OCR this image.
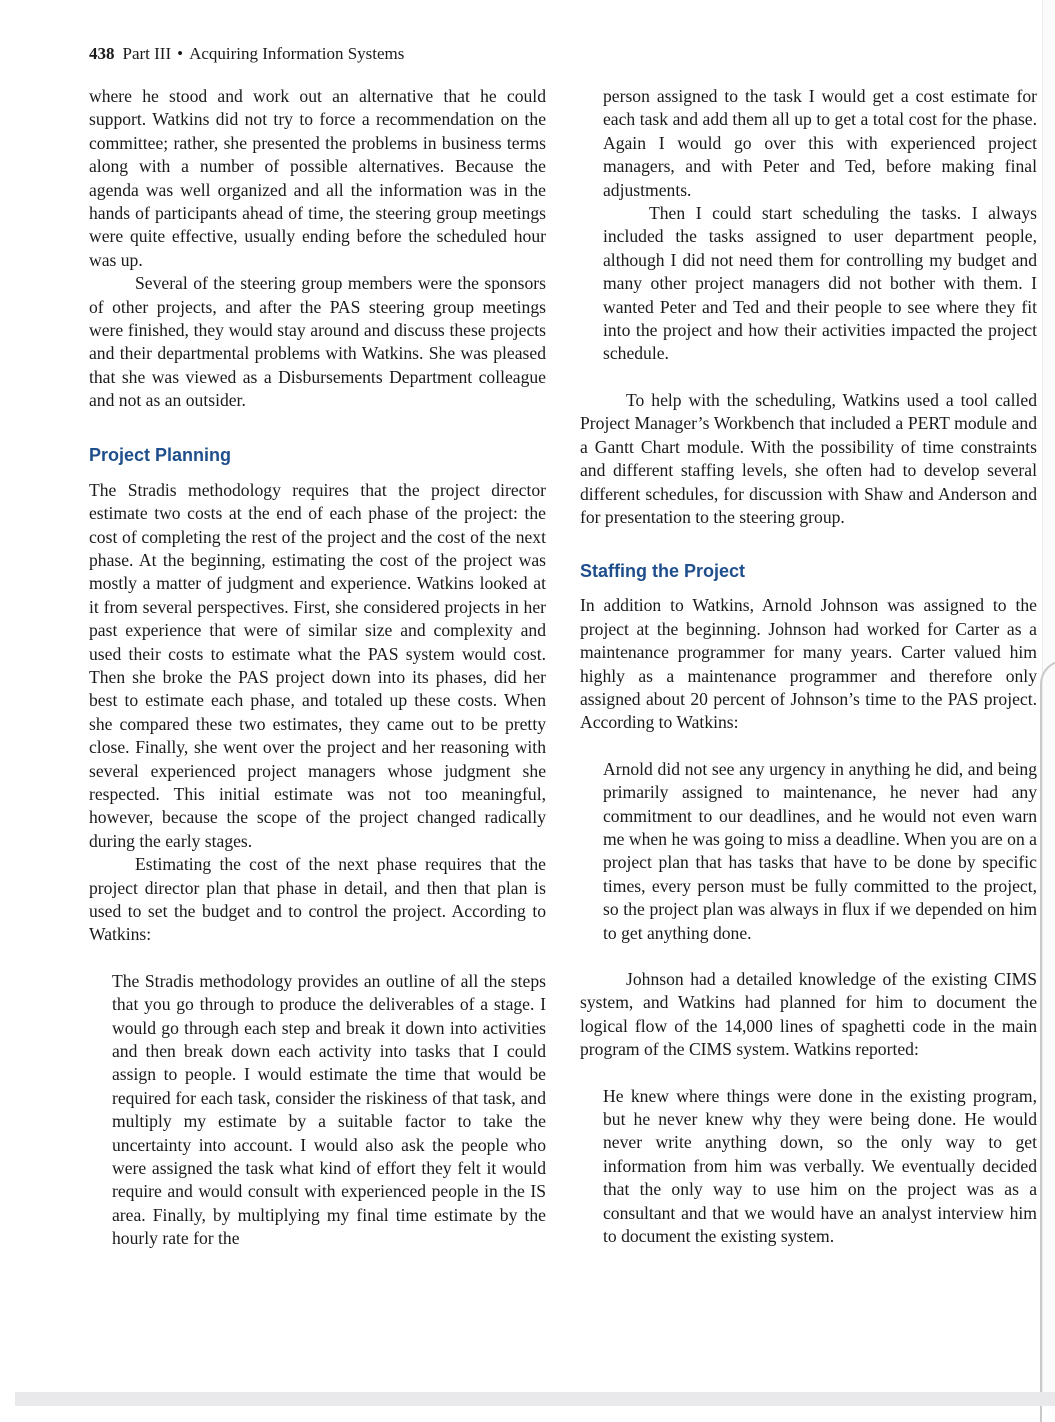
438 Part III • Acquiring Information Systems

where he stood and work out an alternative that he could support. Watkins did not try to force a recommendation on the committee; rather, she presented the problems in business terms along with a number of possible alternatives. Because the agenda was well organized and all the information was in the hands of participants ahead of time, the steering group meetings were quite effective, usually ending before the scheduled hour was up.

Several of the steering group members were the sponsors of other projects, and after the PAS steering group meetings were finished, they would stay around and discuss these projects and their departmental problems with Watkins. She was pleased that she was viewed as a Disbursements Department colleague and not as an outsider.

Project Planning

The Stradis methodology requires that the project director estimate two costs at the end of each phase of the project: the cost of completing the rest of the project and the cost of the next phase. At the beginning, estimating the cost of the project was mostly a matter of judgment and experience. Watkins looked at it from several perspectives. First, she considered projects in her past experience that were of similar size and complexity and used their costs to estimate what the PAS system would cost. Then she broke the PAS project down into its phases, did her best to estimate each phase, and totaled up these costs. When she compared these two estimates, they came out to be pretty close. Finally, she went over the project and her reasoning with several experienced project managers whose judgment she respected. This initial estimate was not too meaningful, however, because the scope of the project changed radically during the early stages.

Estimating the cost of the next phase requires that the project director plan that phase in detail, and then that plan is used to set the budget and to control the project. According to Watkins:

The Stradis methodology provides an outline of all the steps that you go through to produce the deliverables of a stage. I would go through each step and break it down into activities and then break down each activity into tasks that I could assign to people. I would estimate the time that would be required for each task, consider the riskiness of that task, and multiply my estimate by a suitable factor to take the uncertainty into account. I would also ask the people who were assigned the task what kind of effort they felt it would require and would consult with experienced people in the IS area. Finally, by multiplying my final time estimate by the hourly rate for the

person assigned to the task I would get a cost estimate for each task and add them all up to get a total cost for the phase. Again I would go over this with experienced project managers, and with Peter and Ted, before making final adjustments.

Then I could start scheduling the tasks. I always included the tasks assigned to user department people, although I did not need them for controlling my budget and many other project managers did not bother with them. I wanted Peter and Ted and their people to see where they fit into the project and how their activities impacted the project schedule.

To help with the scheduling, Watkins used a tool called Project Manager’s Workbench that included a PERT module and a Gantt Chart module. With the possibility of time constraints and different staffing levels, she often had to develop several different schedules, for discussion with Shaw and Anderson and for presentation to the steering group.

Staffing the Project

In addition to Watkins, Arnold Johnson was assigned to the project at the beginning. Johnson had worked for Carter as a maintenance programmer for many years. Carter valued him highly as a maintenance programmer and therefore only assigned about 20 percent of Johnson’s time to the PAS project. According to Watkins:

Arnold did not see any urgency in anything he did, and being primarily assigned to maintenance, he never had any commitment to our deadlines, and he would not even warn me when he was going to miss a deadline. When you are on a project plan that has tasks that have to be done by specific times, every person must be fully committed to the project, so the project plan was always in flux if we depended on him to get anything done.

Johnson had a detailed knowledge of the existing CIMS system, and Watkins had planned for him to document the logical flow of the 14,000 lines of spaghetti code in the main program of the CIMS system. Watkins reported:

He knew where things were done in the existing program, but he never knew why they were being done. He would never write anything down, so the only way to get information from him was verbally. We eventually decided that the only way to use him on the project was as a consultant and that we would have an analyst interview him to document the existing system.
